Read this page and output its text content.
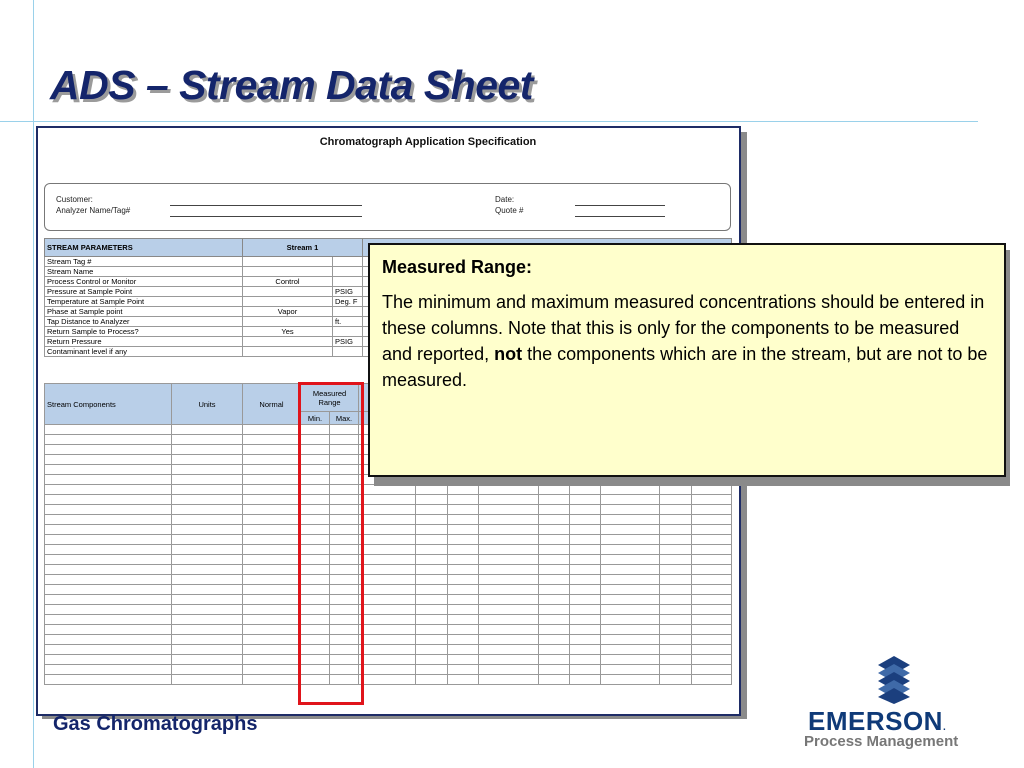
ADS – Stream Data Sheet
Chromatograph Application Specification
Customer:
Analyzer Name/Tag#
Date:
Quote #
STREAM PARAMETERS	Stream 1		
Stream Tag #			
Stream Name			
Process Control or Monitor	Control		
Pressure at Sample Point		PSIG	
Temperature at Sample Point		Deg. F	
Phase at Sample point	Vapor		
Tap Distance to Analyzer		ft.	
Return Sample to Process?	Yes		
Return Pressure		PSIG	
Contaminant level if any			
Stream Components	Units	Normal	Measured Range										
			Min.	Max.									

Measured Range:

The minimum and maximum measured concentrations should be entered in these columns. Note that this is only for the components to be measured and reported, not the components which are in the stream, but are not to be measured.

Gas Chromatographs	EMERSON.
Process Management
